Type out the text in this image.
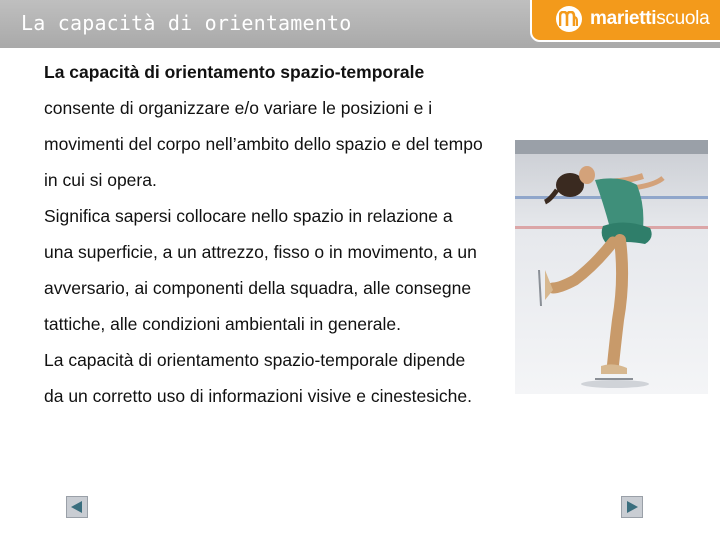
La capacità di orientamento	mariettiscuola

La capacità di orientamento spazio-temporale consente di organizzare e/o variare le posizioni e i movimenti del corpo nell’ambito dello spazio e del tempo in cui si opera.

Significa sapersi collocare nello spazio in relazione a una superficie, a un attrezzo, fisso o in movimento, a un avversario, ai componenti della squadra, alle consegne tattiche, alle condizioni ambientali in generale.

La capacità di orientamento spazio-temporale dipende da un corretto uso di informazioni visive e cinestesiche.
